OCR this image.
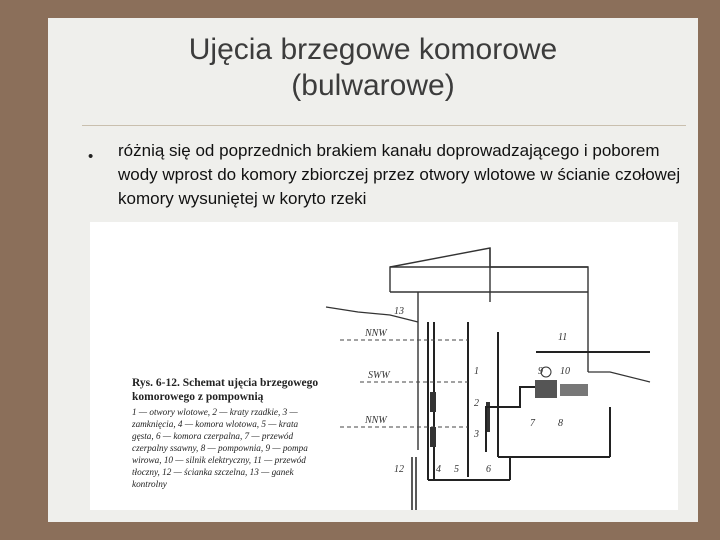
Ujęcia brzegowe komorowe
(bulwarowe)
• różnią się od poprzednich brakiem kanału doprowadzającego i poborem wody wprost do komory zbiorczej przez otwory wlotowe w ścianie czołowej komory wysuniętej w koryto rzeki
NNW
SWW
NNW
13
11
9 10
1
2
3
7 8
12	4 5	6
Rys. 6-12. Schemat ujęcia brzegowego komorowego z pompownią
1 — otwory wlotowe, 2 — kraty rzadkie, 3 — zamknięcia, 4 — komora wlotowa, 5 — krata gęsta, 6 — komora czerpalna, 7 — przewód czerpalny ssawny, 8 — pompownia, 9 — pompa wirowa, 10 — silnik elektryczny, 11 — przewód tłoczny, 12 — ścianka szczelna, 13 — ganek kontrolny
